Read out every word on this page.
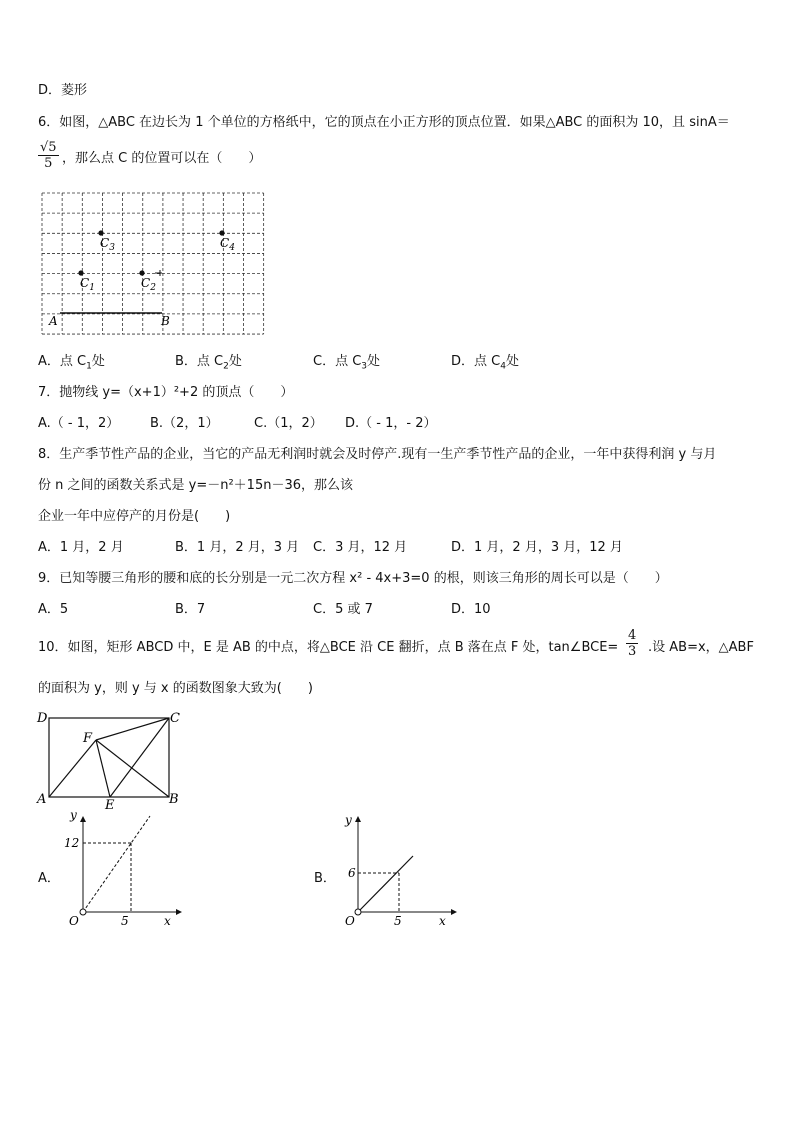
D．菱形
6．如图，△ABC 在边长为 1 个单位的方格纸中，它的顶点在小正方形的顶点位置．如果△ABC 的面积为 10，且 sinA＝
$\frac{√5}{5}$ ，那么点 C 的位置可以在（　　）
A	B
$C_3$	$C_4$
$C_1$	$C_2$
A．点 $C_1$处	B．点 $C_2$处	C．点 $C_3$处	D．点 $C_4$处
7．抛物线 y=（x+1）²+2 的顶点（　　）
A.（ - 1，2） B.（2，1）	C.（1，2） D.（ - 1，- 2）
8．生产季节性产品的企业，当它的产品无利润时就会及时停产.现有一生产季节性产品的企业，一年中获得利润 y 与月
份 n 之间的函数关系式是 y=－n²＋15n－36，那么该
企业一年中应停产的月份是(　　)
A．1 月，2 月	B．1 月，2 月，3 月 C．3 月，12 月	D．1 月，2 月，3 月，12 月
9．已知等腰三角形的腰和底的长分别是一元二次方程 x² - 4x+3=0 的根，则该三角形的周长可以是（　　）
A．5	B．7	C．5 或 7	D．10
10．如图，矩形 ABCD 中，E 是 AB 的中点，将△BCE 沿 CE 翻折，点 B 落在点 F 处，tan∠BCE= $\frac{4}{3}$ .设 AB=x，△ABF
的面积为 y，则 y 与 x 的函数图象大致为(　　)
D	C
A	B
E
F
A．	B．
y
x
O
12
5
y
x
O
6
5
